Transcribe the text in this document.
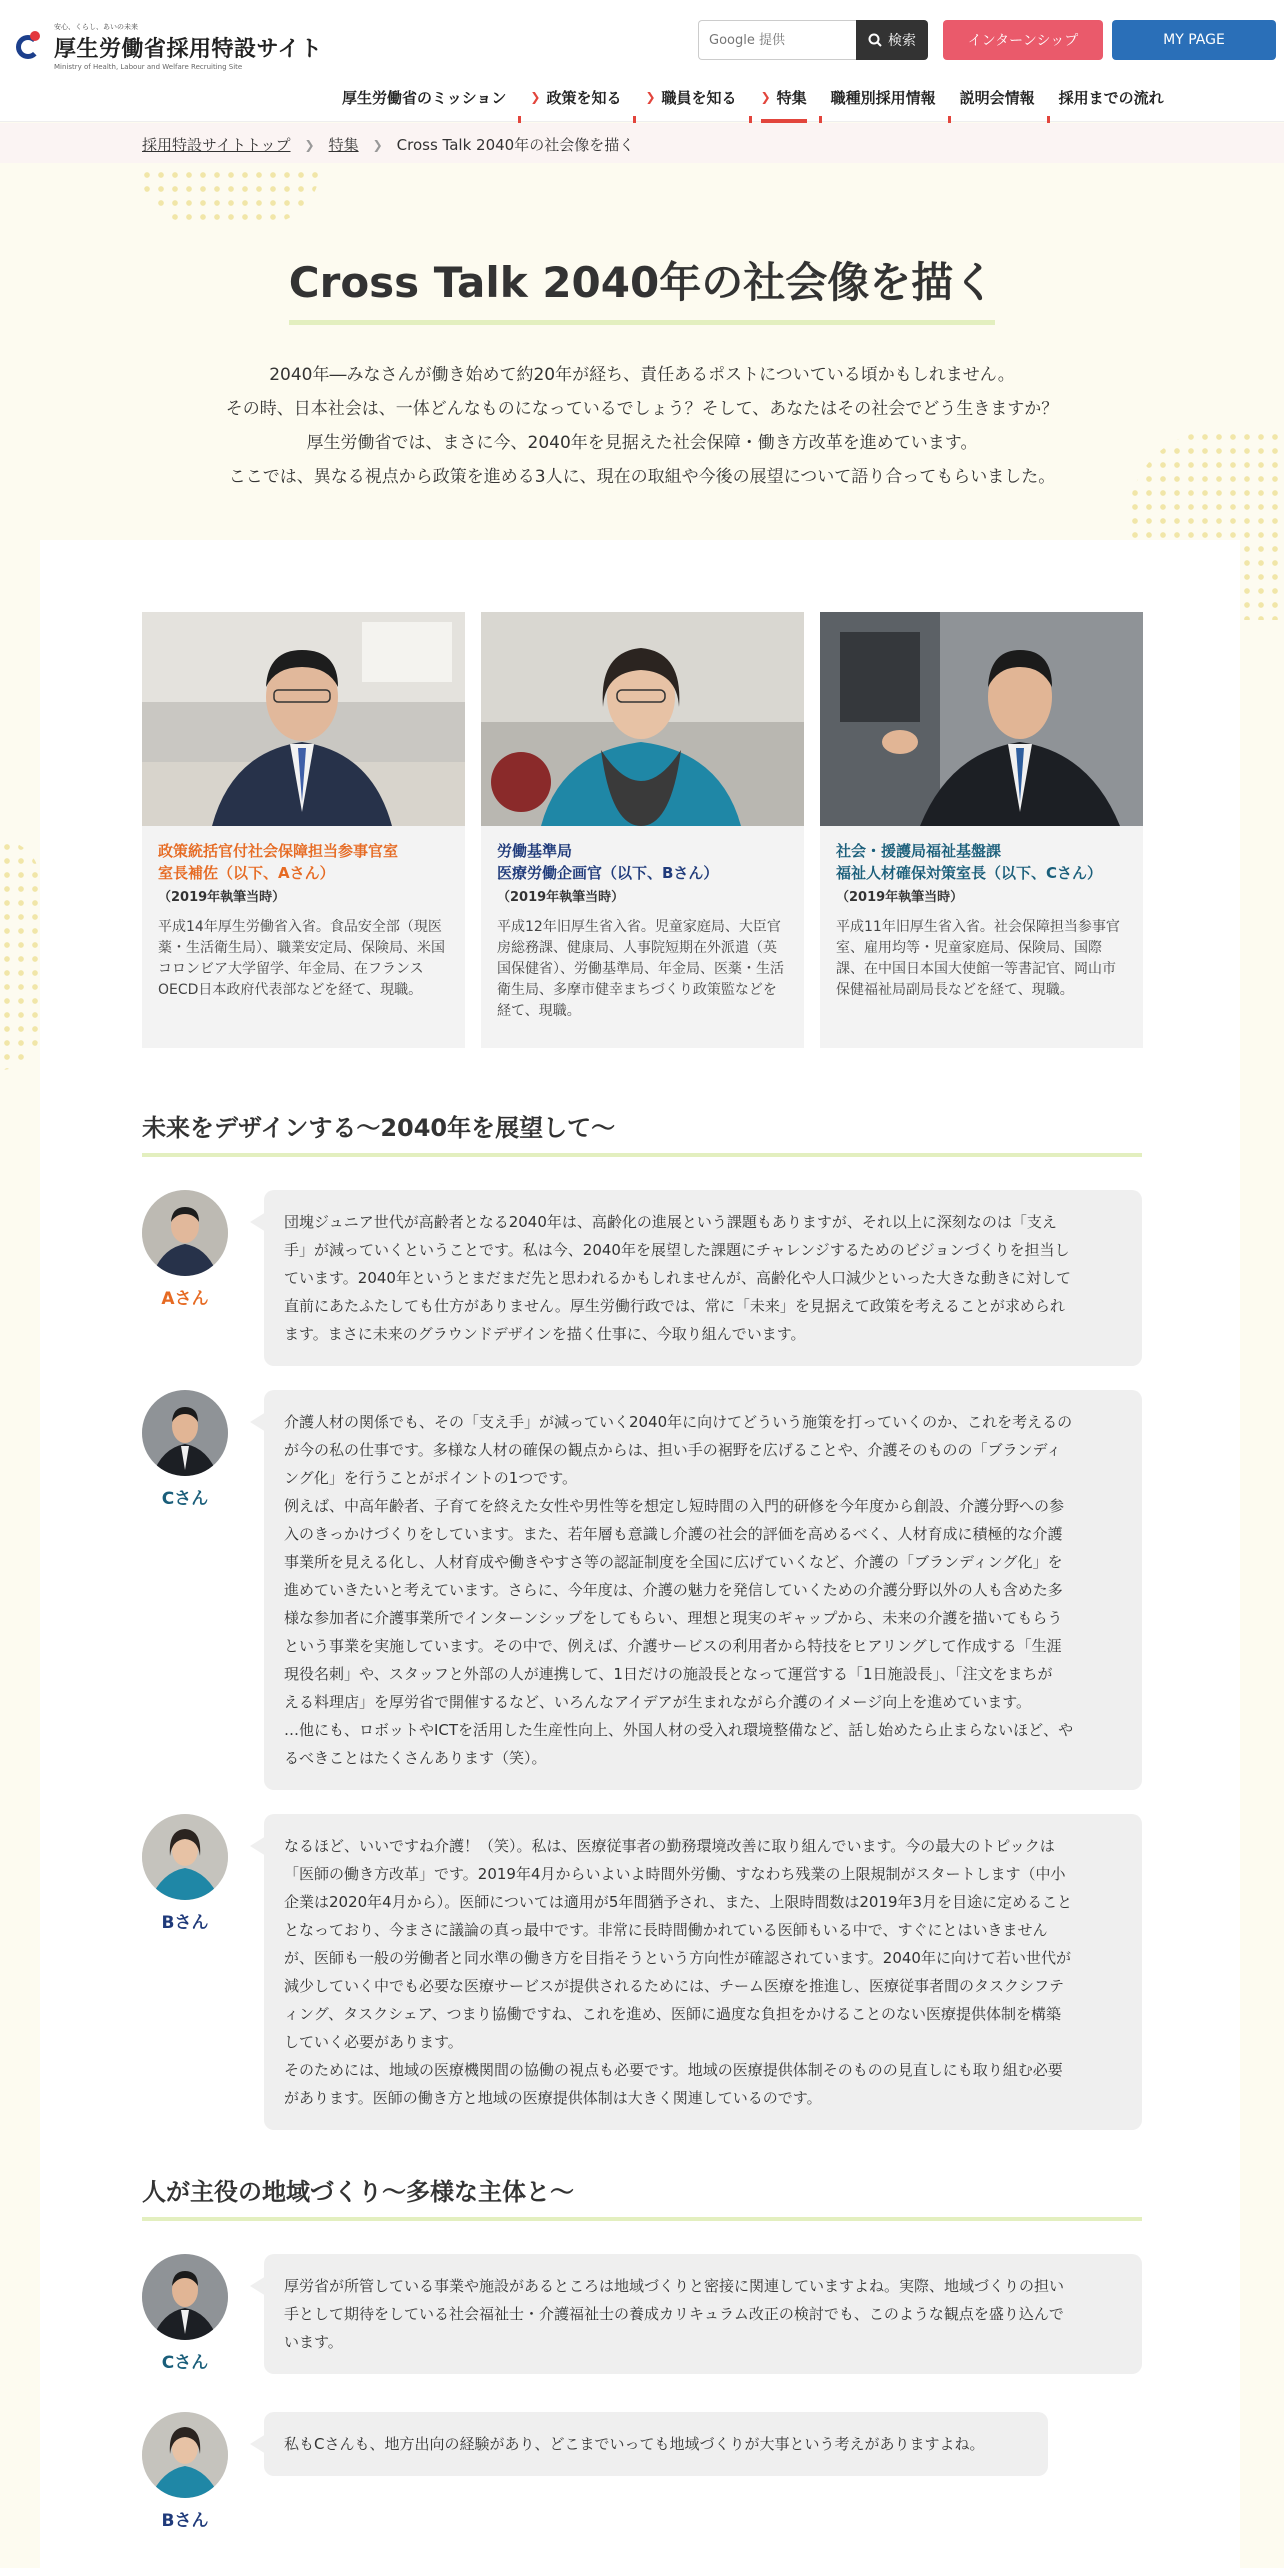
安心、くらし、あいの未来
厚生労働省採用特設サイト
Ministry of Health, Labour and Welfare Recruiting Site
Google 提供
検索	インターンシップ	MY PAGE
厚生労働省のミッション ❯ 政策を知る ❯ 職員を知る ❯ 特集 職種別採用情報 説明会情報 採用までの流れ
採用特設サイトトップ ❯ 特集 ❯ Cross Talk 2040年の社会像を描く
Cross Talk 2040年の社会像を描く
2040年―みなさんが働き始めて約20年が経ち、責任あるポストについている頃かもしれません。
その時、日本社会は、一体どんなものになっているでしょう？そして、あなたはその社会でどう生きますか？
厚生労働省では、まさに今、2040年を見据えた社会保障・働き方改革を進めています。
ここでは、異なる視点から政策を進める3人に、現在の取組や今後の展望について語り合ってもらいました。
政策統括官付社会保障担当参事官室
室長補佐（以下、Aさん）
（2019年執筆当時）
平成14年厚生労働省入省。食品安全部（現医薬・生活衛生局）、職業安定局、保険局、米国コロンビア大学留学、年金局、在フランスOECD日本政府代表部などを経て、現職。
労働基準局
医療労働企画官（以下、Bさん）
（2019年執筆当時）
平成12年旧厚生省入省。児童家庭局、大臣官房総務課、健康局、人事院短期在外派遣（英国保健省）、労働基準局、年金局、医薬・生活衛生局、多摩市健幸まちづくり政策監などを経て、現職。
社会・援護局福祉基盤課
福祉人材確保対策室長（以下、Cさん）
（2019年執筆当時）
平成11年旧厚生省入省。社会保障担当参事官室、雇用均等・児童家庭局、保険局、国際課、在中国日本国大使館一等書記官、岡山市保健福祉局副局長などを経て、現職。
未来をデザインする～2040年を展望して～
Aさん
団塊ジュニア世代が高齢者となる2040年は、高齢化の進展という課題もありますが、それ以上に深刻なのは「支え
手」が減っていくということです。私は今、2040年を展望した課題にチャレンジするためのビジョンづくりを担当し
ています。2040年というとまだまだ先と思われるかもしれませんが、高齢化や人口減少といった大きな動きに対して
直前にあたふたしても仕方がありません。厚生労働行政では、常に「未来」を見据えて政策を考えることが求められ
ます。まさに未来のグラウンドデザインを描く仕事に、今取り組んでいます。
Cさん
介護人材の関係でも、その「支え手」が減っていく2040年に向けてどういう施策を打っていくのか、これを考えるの
が今の私の仕事です。多様な人材の確保の観点からは、担い手の裾野を広げることや、介護そのものの「ブランディ
ング化」を行うことがポイントの1つです。
例えば、中高年齢者、子育てを終えた女性や男性等を想定し短時間の入門的研修を今年度から創設、介護分野への参
入のきっかけづくりをしています。また、若年層も意識し介護の社会的評価を高めるべく、人材育成に積極的な介護
事業所を見える化し、人材育成や働きやすさ等の認証制度を全国に広げていくなど、介護の「ブランディング化」を
進めていきたいと考えています。さらに、今年度は、介護の魅力を発信していくための介護分野以外の人も含めた多
様な参加者に介護事業所でインターンシップをしてもらい、理想と現実のギャップから、未来の介護を描いてもらう
という事業を実施しています。その中で、例えば、介護サービスの利用者から特技をヒアリングして作成する「生涯
現役名刺」や、スタッフと外部の人が連携して、1日だけの施設長となって運営する「1日施設長」、「注文をまちが
える料理店」を厚労省で開催するなど、いろんなアイデアが生まれながら介護のイメージ向上を進めています。
…他にも、ロボットやICTを活用した生産性向上、外国人材の受入れ環境整備など、話し始めたら止まらないほど、や
るべきことはたくさんあります（笑）。
Bさん
なるほど、いいですね介護！（笑）。私は、医療従事者の勤務環境改善に取り組んでいます。今の最大のトピックは
「医師の働き方改革」です。2019年4月からいよいよ時間外労働、すなわち残業の上限規制がスタートします（中小
企業は2020年4月から）。医師については適用が5年間猶予され、また、上限時間数は2019年3月を目途に定めること
となっており、今まさに議論の真っ最中です。非常に長時間働かれている医師もいる中で、すぐにとはいきません
が、医師も一般の労働者と同水準の働き方を目指そうという方向性が確認されています。2040年に向けて若い世代が
減少していく中でも必要な医療サービスが提供されるためには、チーム医療を推進し、医療従事者間のタスクシフテ
ィング、タスクシェア、つまり協働ですね、これを進め、医師に過度な負担をかけることのない医療提供体制を構築
していく必要があります。
そのためには、地域の医療機関間の協働の視点も必要です。地域の医療提供体制そのものの見直しにも取り組む必要
があります。医師の働き方と地域の医療提供体制は大きく関連しているのです。
人が主役の地域づくり～多様な主体と～
Cさん
厚労省が所管している事業や施設があるところは地域づくりと密接に関連していますよね。実際、地域づくりの担い
手として期待をしている社会福祉士・介護福祉士の養成カリキュラム改正の検討でも、このような観点を盛り込んで
います。
Bさん
私もCさんも、地方出向の経験があり、どこまでいっても地域づくりが大事という考えがありますよね。
